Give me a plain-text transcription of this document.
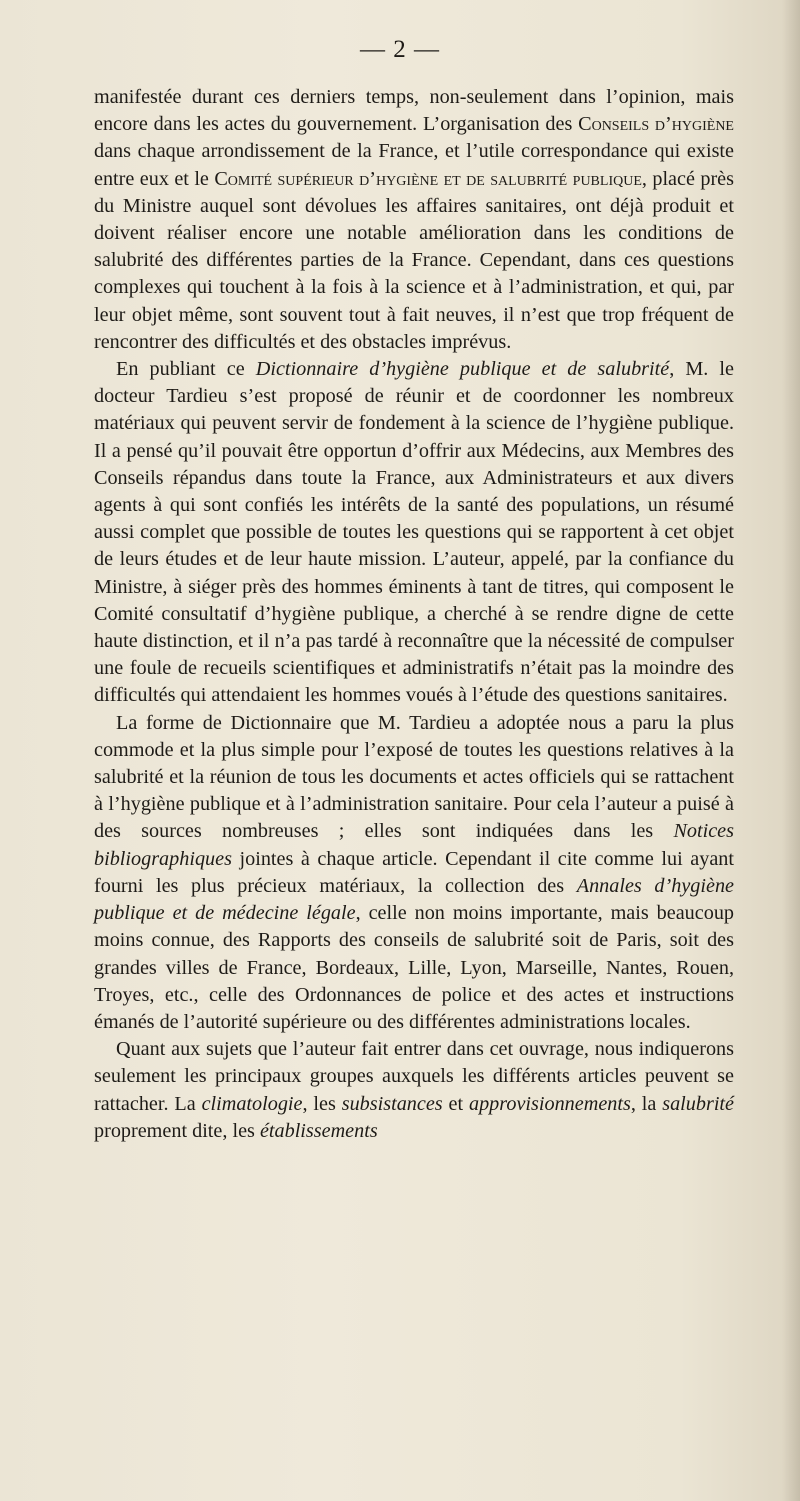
— 2 —

manifestée durant ces derniers temps, non-seulement dans l’opinion, mais encore dans les actes du gouvernement. L’organisation des Conseils d’hygiène dans chaque arrondissement de la France, et l’utile correspondance qui existe entre eux et le Comité supérieur d’hygiène et de salubrité publique, placé près du Ministre auquel sont dévolues les affaires sanitaires, ont déjà produit et doivent réaliser encore une notable amélioration dans les conditions de salubrité des différentes parties de la France. Cependant, dans ces questions complexes qui touchent à la fois à la science et à l’administration, et qui, par leur objet même, sont souvent tout à fait neuves, il n’est que trop fréquent de rencontrer des difficultés et des obstacles imprévus.

En publiant ce Dictionnaire d’hygiène publique et de salubrité, M. le docteur Tardieu s’est proposé de réunir et de coordonner les nombreux matériaux qui peuvent servir de fondement à la science de l’hygiène publique. Il a pensé qu’il pouvait être opportun d’offrir aux Médecins, aux Membres des Conseils répandus dans toute la France, aux Administrateurs et aux divers agents à qui sont confiés les intérêts de la santé des populations, un résumé aussi complet que possible de toutes les questions qui se rapportent à cet objet de leurs études et de leur haute mission. L’auteur, appelé, par la confiance du Ministre, à siéger près des hommes éminents à tant de titres, qui composent le Comité consultatif d’hygiène publique, a cherché à se rendre digne de cette haute distinction, et il n’a pas tardé à reconnaître que la nécessité de compulser une foule de recueils scientifiques et administratifs n’était pas la moindre des difficultés qui attendaient les hommes voués à l’étude des questions sanitaires.

La forme de Dictionnaire que M. Tardieu a adoptée nous a paru la plus commode et la plus simple pour l’exposé de toutes les questions relatives à la salubrité et la réunion de tous les documents et actes officiels qui se rattachent à l’hygiène publique et à l’administration sanitaire. Pour cela l’auteur a puisé à des sources nombreuses ; elles sont indiquées dans les Notices bibliographiques jointes à chaque article. Cependant il cite comme lui ayant fourni les plus précieux matériaux, la collection des Annales d’hygiène publique et de médecine légale, celle non moins importante, mais beaucoup moins connue, des Rapports des conseils de salubrité soit de Paris, soit des grandes villes de France, Bordeaux, Lille, Lyon, Marseille, Nantes, Rouen, Troyes, etc., celle des Ordonnances de police et des actes et instructions émanés de l’autorité supérieure ou des différentes administrations locales.

Quant aux sujets que l’auteur fait entrer dans cet ouvrage, nous indiquerons seulement les principaux groupes auxquels les différents articles peuvent se rattacher. La climatologie, les subsistances et approvisionnements, la salubrité proprement dite, les établissements
